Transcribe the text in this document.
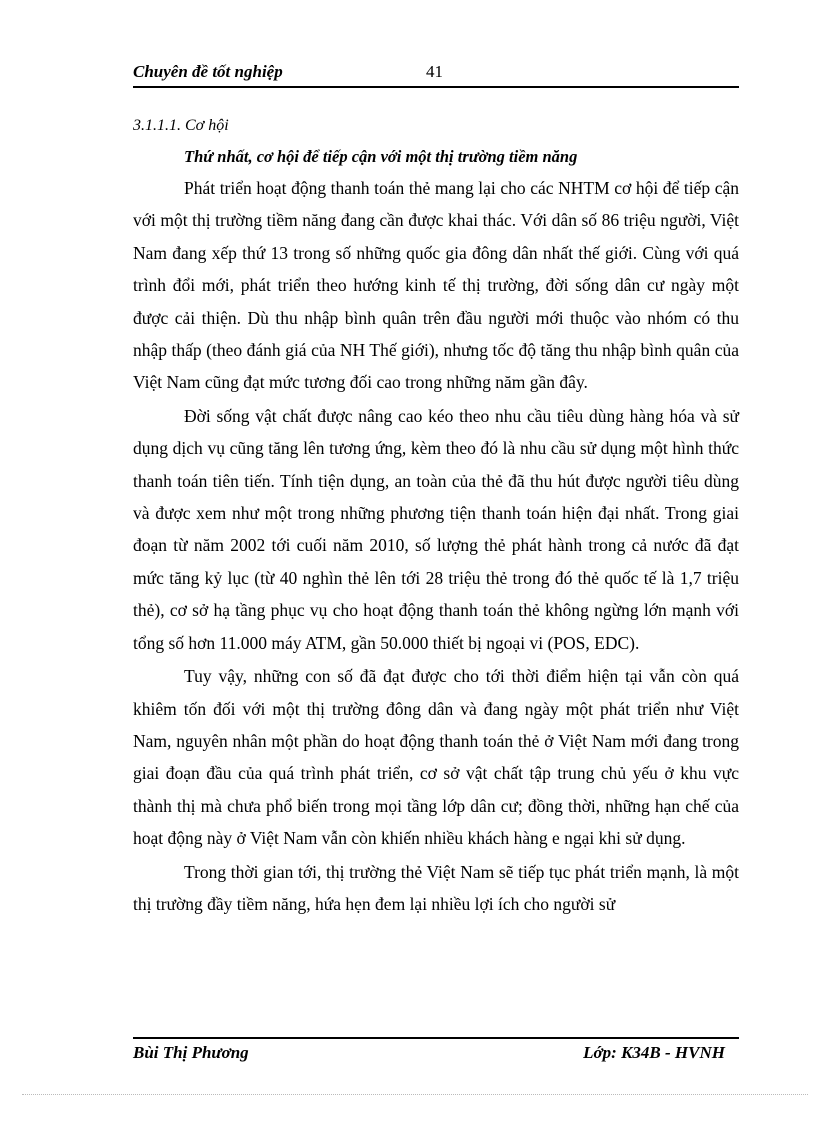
Chuyên đề tốt nghiệp	41
3.1.1.1. Cơ hội
Thứ nhất, cơ hội để tiếp cận với một thị trường tiềm năng

Phát triển hoạt động thanh toán thẻ mang lại cho các NHTM cơ hội để tiếp cận với một thị trường tiềm năng đang cần được khai thác. Với dân số 86 triệu người, Việt Nam đang xếp thứ 13 trong số những quốc gia đông dân nhất thế giới. Cùng với quá trình đổi mới, phát triển theo hướng kinh tế thị trường, đời sống dân cư ngày một được cải thiện. Dù thu nhập bình quân trên đầu người mới thuộc vào nhóm có thu nhập thấp (theo đánh giá của NH Thế giới), nhưng tốc độ tăng thu nhập bình quân của Việt Nam cũng đạt mức tương đối cao trong những năm gần đây.

Đời sống vật chất được nâng cao kéo theo nhu cầu tiêu dùng hàng hóa và sử dụng dịch vụ cũng tăng lên tương ứng, kèm theo đó là nhu cầu sử dụng một hình thức thanh toán tiên tiến. Tính tiện dụng, an toàn của thẻ đã thu hút được người tiêu dùng và được xem như một trong những phương tiện thanh toán hiện đại nhất. Trong giai đoạn từ năm 2002 tới cuối năm 2010, số lượng thẻ phát hành trong cả nước đã đạt mức tăng kỷ lục (từ 40 nghìn thẻ lên tới 28 triệu thẻ trong đó thẻ quốc tế là 1,7 triệu thẻ), cơ sở hạ tầng phục vụ cho hoạt động thanh toán thẻ không ngừng lớn mạnh với tổng số hơn 11.000 máy ATM, gần 50.000 thiết bị ngoại vi (POS, EDC).

Tuy vậy, những con số đã đạt được cho tới thời điểm hiện tại vẫn còn quá khiêm tốn đối với một thị trường đông dân và đang ngày một phát triển như Việt Nam, nguyên nhân một phần do hoạt động thanh toán thẻ ở Việt Nam mới đang trong giai đoạn đầu của quá trình phát triển, cơ sở vật chất tập trung chủ yếu ở khu vực thành thị mà chưa phổ biến trong mọi tầng lớp dân cư; đồng thời, những hạn chế của hoạt động này ở Việt Nam vẫn còn khiến nhiều khách hàng e ngại khi sử dụng.

Trong thời gian tới, thị trường thẻ Việt Nam sẽ tiếp tục phát triển mạnh, là một thị trường đầy tiềm năng, hứa hẹn đem lại nhiều lợi ích cho người sử

Bùi Thị Phương	Lớp: K34B - HVNH
